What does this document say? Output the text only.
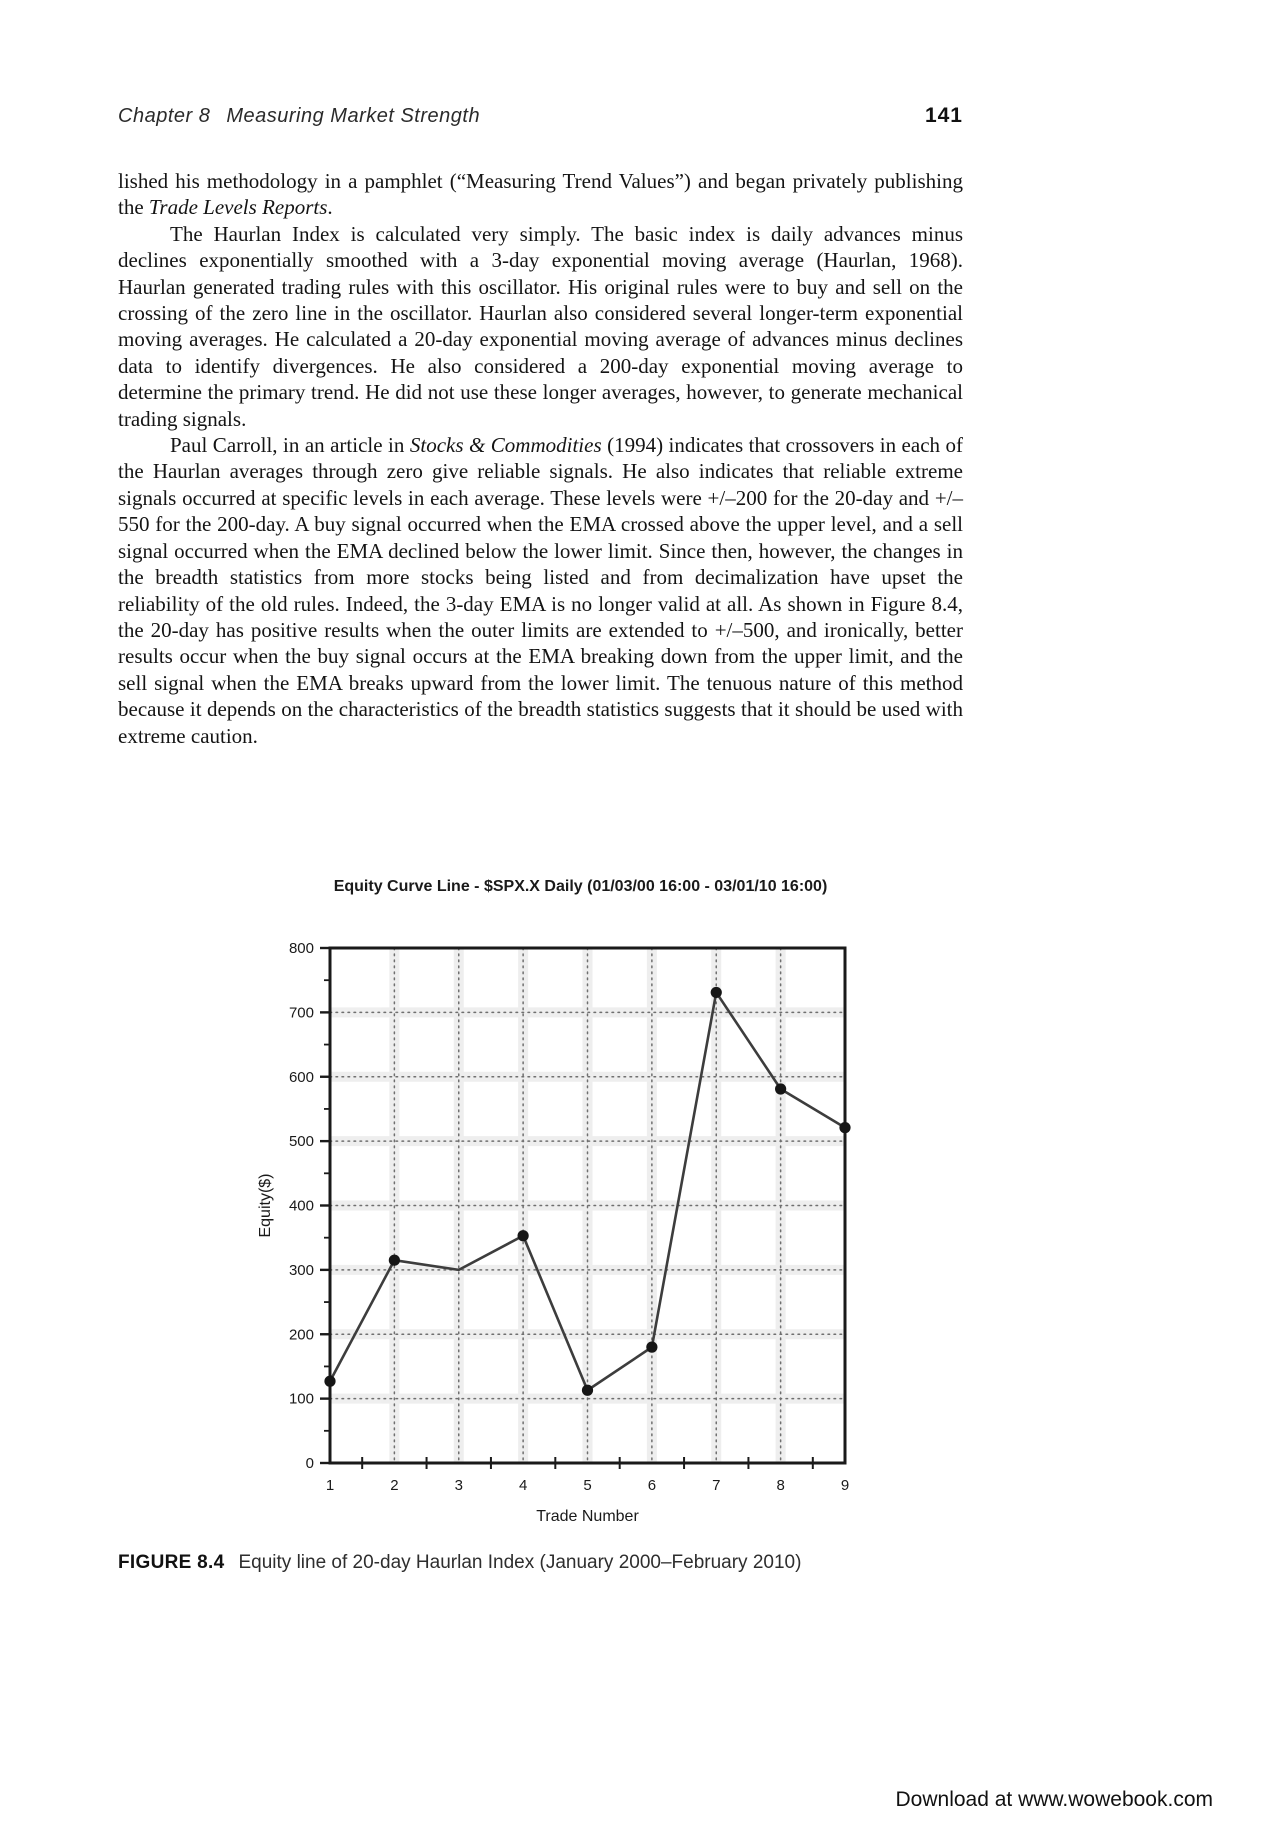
Chapter 8 Measuring Market Strength	141

lished his methodology in a pamphlet (“Measuring Trend Values”) and began privately publishing the Trade Levels Reports.

The Haurlan Index is calculated very simply. The basic index is daily advances minus declines exponentially smoothed with a 3-day exponential moving average (Haurlan, 1968). Haurlan generated trading rules with this oscillator. His original rules were to buy and sell on the crossing of the zero line in the oscillator. Haurlan also considered several longer-term exponential moving averages. He calculated a 20-day exponential moving average of advances minus declines data to identify divergences. He also considered a 200-day exponential moving average to determine the primary trend. He did not use these longer averages, however, to generate mechanical trading signals.

Paul Carroll, in an article in Stocks & Commodities (1994) indicates that crossovers in each of the Haurlan averages through zero give reliable signals. He also indicates that reliable extreme signals occurred at specific levels in each average. These levels were +/–200 for the 20-day and +/–550 for the 200-day. A buy signal occurred when the EMA crossed above the upper level, and a sell signal occurred when the EMA declined below the lower limit. Since then, however, the changes in the breadth statistics from more stocks being listed and from decimalization have upset the reliability of the old rules. Indeed, the 3-day EMA is no longer valid at all. As shown in Figure 8.4, the 20-day has positive results when the outer limits are extended to +/–500, and ironically, better results occur when the buy signal occurs at the EMA breaking down from the upper limit, and the sell signal when the EMA breaks upward from the lower limit. The tenuous nature of this method because it depends on the characteristics of the breadth statistics suggests that it should be used with extreme caution.

0
100
200
300
400
500
600
700
800
1	2	3	4	5	6	7	8	9
Equity($)
Trade Number
Equity Curve Line - $SPX.X Daily (01/03/00 16:00 - 03/01/10 16:00)
FIGURE 8.4 Equity line of 20-day Haurlan Index (January 2000–February 2010)
Download at www.wowebook.com
